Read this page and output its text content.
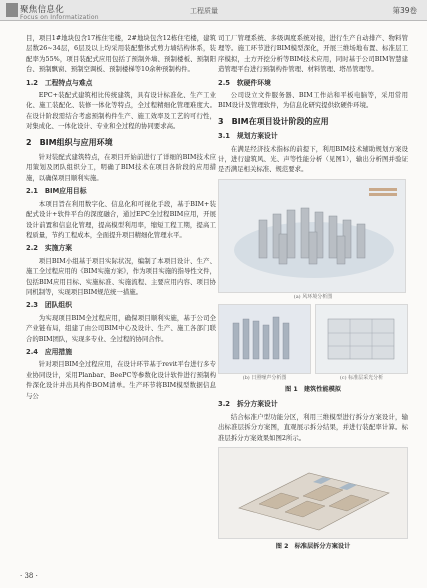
聚焦信息化
Focus on Informatization
工程质量	第39卷

目，项目1#地块包含17栋住宅楼，2#地块包含12栋住宅楼，建筑层数26~34层，6层及以上均采用装配整体式剪力墙结构体系，装配率为55%，项目装配式应用包括了预制外墙、预制楼板、预制阳台、预制飘窗、预制空调板、预制楼梯等10余种预制构件。

1.2　工程特点与难点

EPC+装配式建筑相比传统建筑，具有设计标准化、生产工业化、施工装配化、装修一体化等特点，全过程精细化管理难度大。在设计阶段需结合考虑预制构件生产、施工效率及工艺的可行性，对集成化、一体化设计、专业和全过程的协同要求高。

2　BIM组织与应用环境

针对装配式建筑特点，在项目开始前进行了详细的BIM技术应用策划及团队组织分工，明确了BIM技术在项目各阶段的应用措施，以确保项目顺利实施。

2.1　BIM应用目标

本项目旨在利用数字化、信息化和可视化手段，基于BIM+装配式设计+软件平台的深度融合，通过EPC全过程BIM应用，开展设计前置和信息化管理，提高模型利用率，缩短工程工期，提高工程质量，节约工程成本，全面提升项目精细化管理水平。

2.2　实施方案

项目BIM小组基于项目实际状况，编制了本项目设计、生产、施工全过程应用的《BIM实施方案》，作为项目实施的指导性文件，包括BIM应用目标、实施标准、实施流程、主要应用内容、项目协同机制等，实现项目BIM规范统一措施。

2.3　团队组织

为实现项目BIM全过程应用，确保项目顺利实施，基于公司全产业链布局，组建了由公司BIM中心及设计、生产、施工各部门联合的BIM团队，实现多专业、全过程的协同合作。

2.4　应用措施

针对项目BIM全过程应用，在设计环节基于revit平台进行多专业协同设计，采用Planbar、BeePC等参数化设计软件进行预制构件深化设计并出具构件BOM清单。生产环节将BIM模型数据信息与公

司工厂管理系统、多级调度系统对接，进行生产自动排产、物料管理等。施工环节进行BIM模型深化，开展三维场地布置、标准层工序模拟，土方开挖分析等BIM技术应用，同时基于公司BIM智慧建造管理平台进行预制构件管理、材料管理、塔吊管理等。

2.5　软硬件环境

公司设立文件服务器、BIM工作站和平板电脑等，采用常用BIM设计及管理软件，为信息化研究提供软硬件环境。

3　BIM在项目设计阶段的应用
3.1　规划方案设计

在满足经济技术指标的前提下，利用BIM技术辅助规划方案设计，进行建筑风、光、声等性能分析（见图1），输出分析图并验证是否满足相关标准、规范要求。

(a) 风环境分析图
(b) 日照噪声分析图	(c) 标准层采光分析
图 1　建筑性能模拟
3.2　拆分方案设计

结合标准户型功能分区，利用三维模型进行拆分方案设计，输出标准层拆分方案图，直观展示拆分结果，并进行装配率计算。标准层拆分方案效果如图2所示。

图 2　标准层拆分方案设计
· 38 ·
